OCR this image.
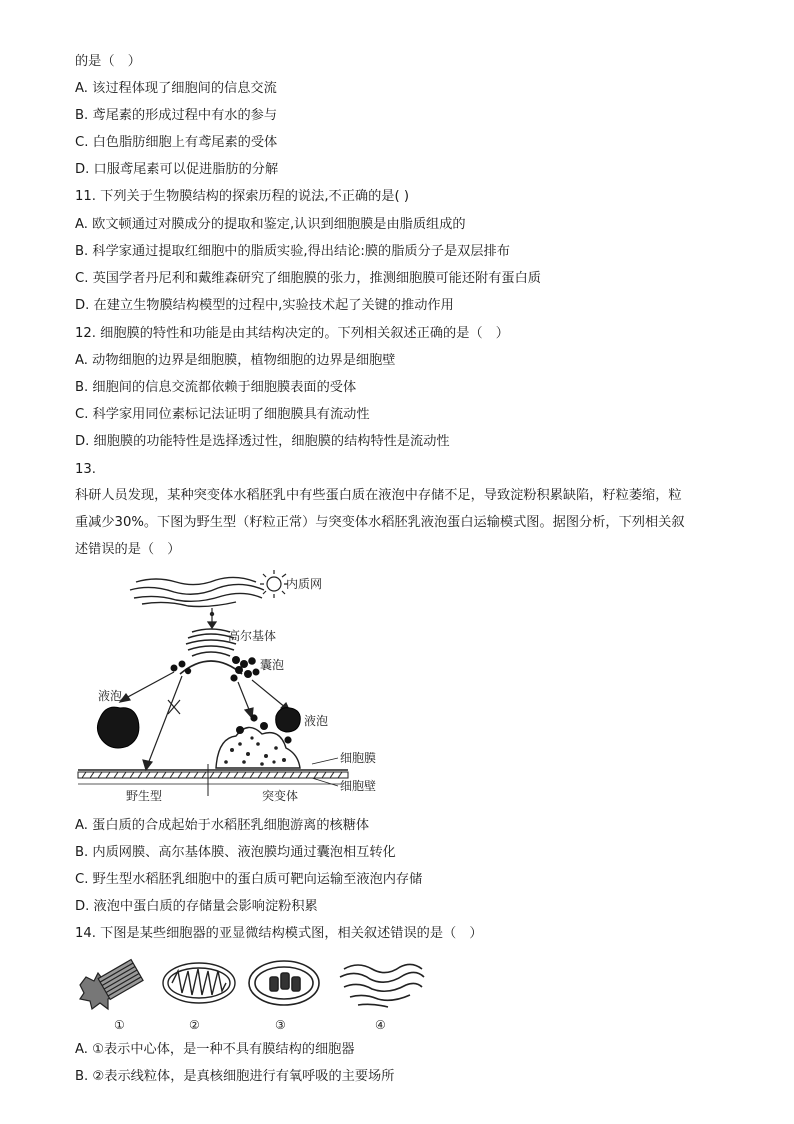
的是（　）
A. 该过程体现了细胞间的信息交流
B. 鸢尾素的形成过程中有水的参与
C. 白色脂肪细胞上有鸢尾素的受体
D. 口服鸢尾素可以促进脂肪的分解
11. 下列关于生物膜结构的探索历程的说法,不正确的是( )
A. 欧文顿通过对膜成分的提取和鉴定,认识到细胞膜是由脂质组成的
B. 科学家通过提取红细胞中的脂质实验,得出结论:膜的脂质分子是双层排布
C. 英国学者丹尼利和戴维森研究了细胞膜的张力，推测细胞膜可能还附有蛋白质
D. 在建立生物膜结构模型的过程中,实验技术起了关键的推动作用
12. 细胞膜的特性和功能是由其结构决定的。下列相关叙述正确的是（　）
A. 动物细胞的边界是细胞膜，植物细胞的边界是细胞壁
B. 细胞间的信息交流都依赖于细胞膜表面的受体
C. 科学家用同位素标记法证明了细胞膜具有流动性
D. 细胞膜的功能特性是选择透过性，细胞膜的结构特性是流动性
13.
科研人员发现，某种突变体水稻胚乳中有些蛋白质在液泡中存储不足，导致淀粉积累缺陷，籽粒萎缩，粒
重减少30%。下图为野生型（籽粒正常）与突变体水稻胚乳液泡蛋白运输模式图。据图分析，下列相关叙
述错误的是（　）
内质网
高尔基体
囊泡
液泡
液泡
细胞膜
细胞壁
野生型	突变体
A. 蛋白质的合成起始于水稻胚乳细胞游离的核糖体
B. 内质网膜、高尔基体膜、液泡膜均通过囊泡相互转化
C. 野生型水稻胚乳细胞中的蛋白质可靶向运输至液泡内存储
D. 液泡中蛋白质的存储量会影响淀粉积累
14. 下图是某些细胞器的亚显微结构模式图，相关叙述错误的是（　）
①	②	③	④
A. ①表示中心体，是一种不具有膜结构的细胞器
B. ②表示线粒体，是真核细胞进行有氧呼吸的主要场所
